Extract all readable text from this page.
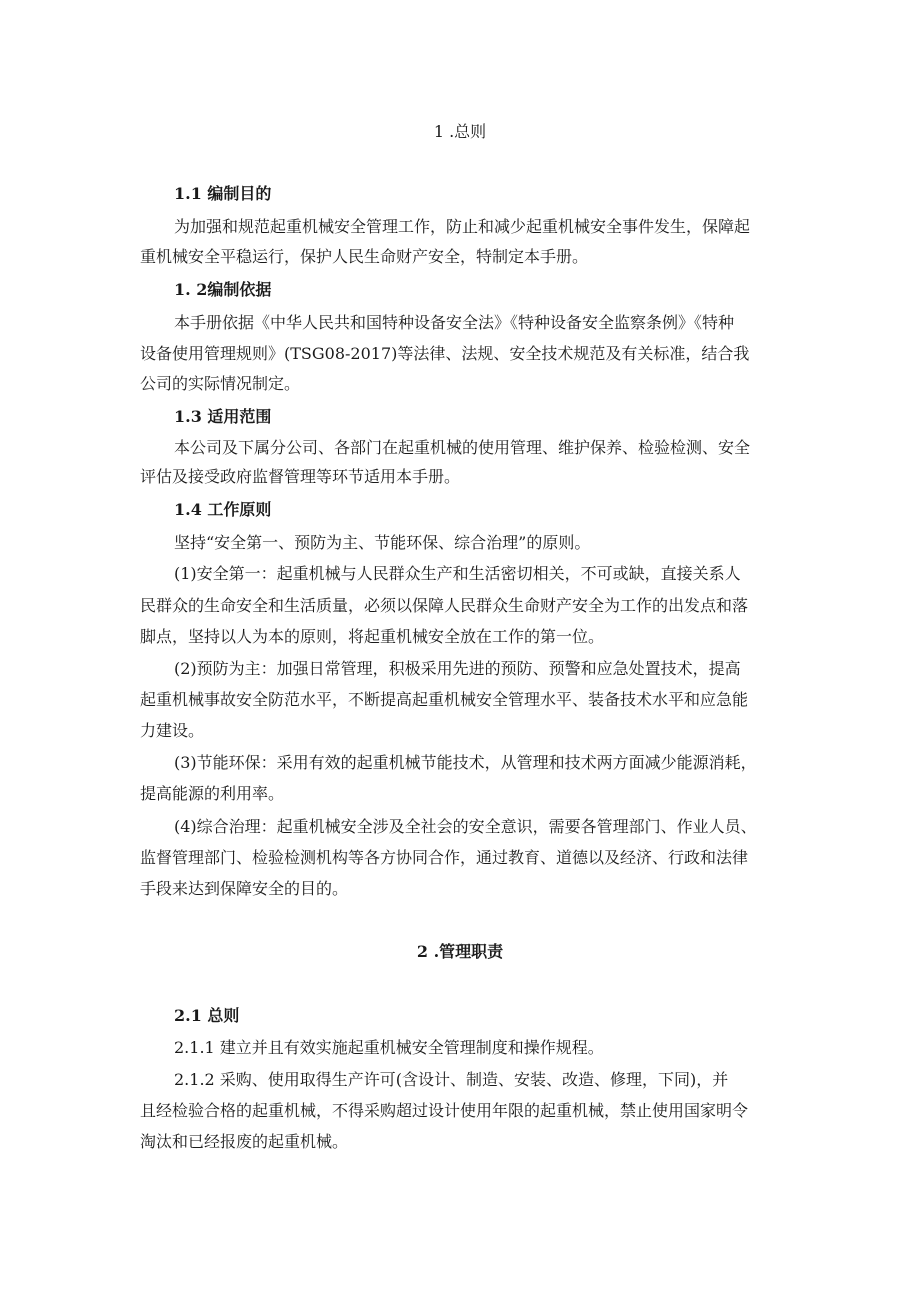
1 .总则
1.1 编制目的
为加强和规范起重机械安全管理工作，防止和减少起重机械安全事件发生，保障起
重机械安全平稳运行，保护人民生命财产安全，特制定本手册。
1. 2编制依据
本手册依据《中华人民共和国特种设备安全法》《特种设备安全监察条例》《特种
设备使用管理规则》(TSG08-2017)等法律、法规、安全技术规范及有关标准，结合我
公司的实际情况制定。
1.3 适用范围
本公司及下属分公司、各部门在起重机械的使用管理、维护保养、检验检测、安全
评估及接受政府监督管理等环节适用本手册。
1.4 工作原则
坚持“安全第一、预防为主、节能环保、综合治理”的原则。
(1)安全第一：起重机械与人民群众生产和生活密切相关，不可或缺，直接关系人
民群众的生命安全和生活质量，必须以保障人民群众生命财产安全为工作的出发点和落
脚点，坚持以人为本的原则，将起重机械安全放在工作的第一位。
(2)预防为主：加强日常管理，积极采用先进的预防、预警和应急处置技术，提高
起重机械事故安全防范水平，不断提高起重机械安全管理水平、装备技术水平和应急能
力建设。
(3)节能环保：采用有效的起重机械节能技术，从管理和技术两方面减少能源消耗，
提高能源的利用率。
(4)综合治理：起重机械安全涉及全社会的安全意识，需要各管理部门、作业人员、
监督管理部门、检验检测机构等各方协同合作，通过教育、道德以及经济、行政和法律
手段来达到保障安全的目的。
2 .管理职责
2.1 总则
2.1.1 建立并且有效实施起重机械安全管理制度和操作规程。
2.1.2 采购、使用取得生产许可(含设计、制造、安装、改造、修理，下同)，并
且经检验合格的起重机械，不得采购超过设计使用年限的起重机械，禁止使用国家明令
淘汰和已经报废的起重机械。
